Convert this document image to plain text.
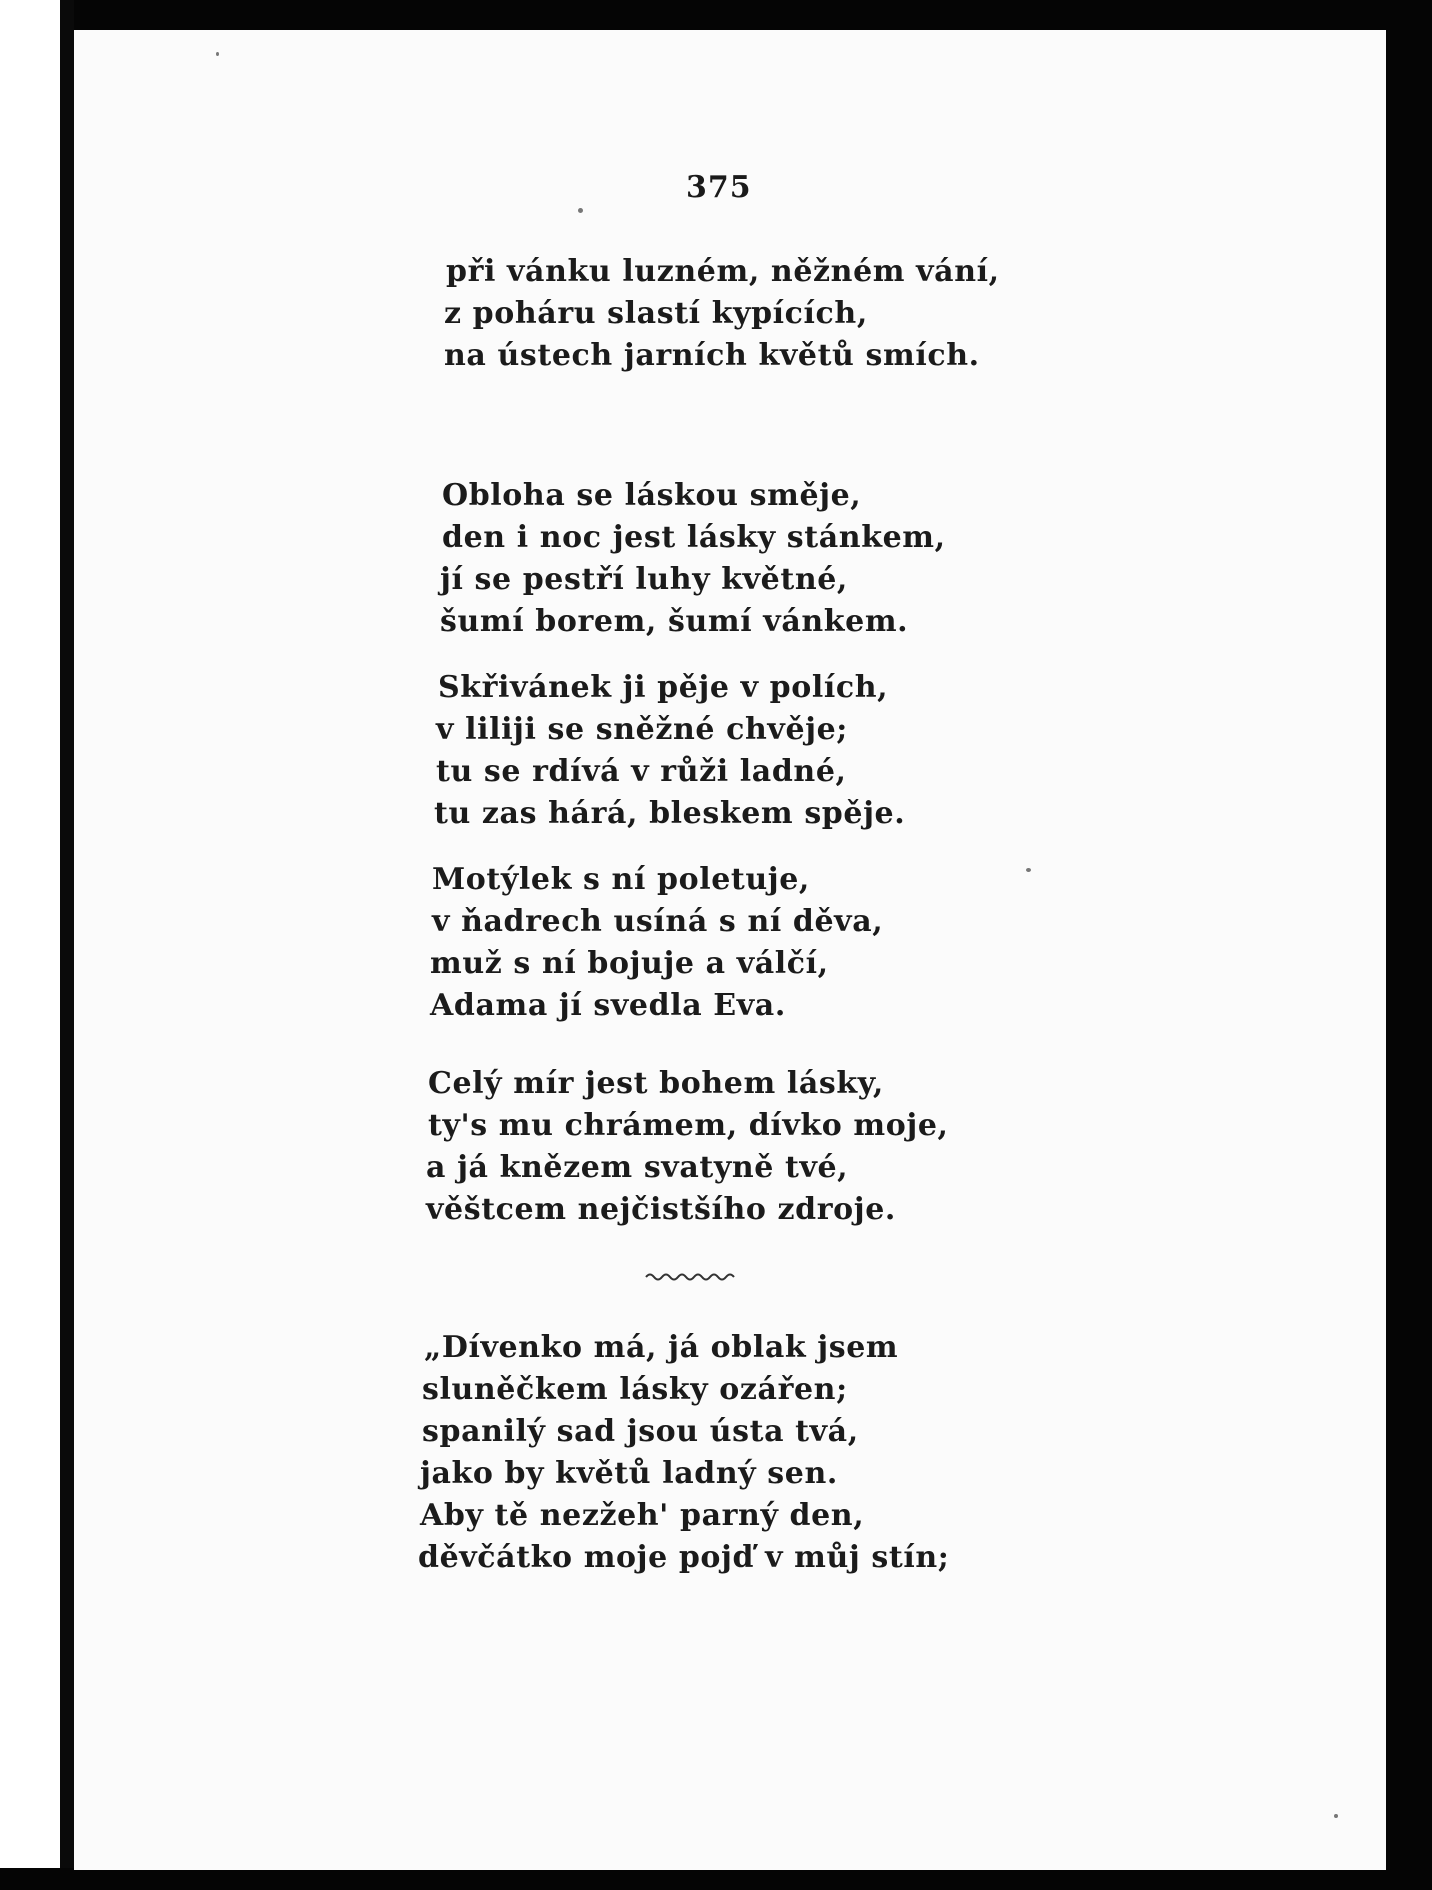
375
při vánku luzném, něžném vání,
z poháru slastí kypících,
na ústech jarních květů smích.
Obloha se láskou směje,
den i noc jest lásky stánkem,
jí se pestří luhy květné,
šumí borem, šumí vánkem.
Skřivánek ji pěje v polích,
v liliji se sněžné chvěje;
tu se rdívá v růži ladné,
tu zas hárá, bleskem spěje.
Motýlek s ní poletuje,
v ňadrech usíná s ní děva,
muž s ní bojuje a válčí,
Adama jí svedla Eva.
Celý mír jest bohem lásky,
ty's mu chrámem, dívko moje,
a já knězem svatyně tvé,
věštcem nejčistšího zdroje.
„Dívenko má, já oblak jsem
sluněčkem lásky ozářen;
spanilý sad jsou ústa tvá,
jako by květů ladný sen.
Aby tě nezžeh' parný den,
děvčátko moje pojď v můj stín;
